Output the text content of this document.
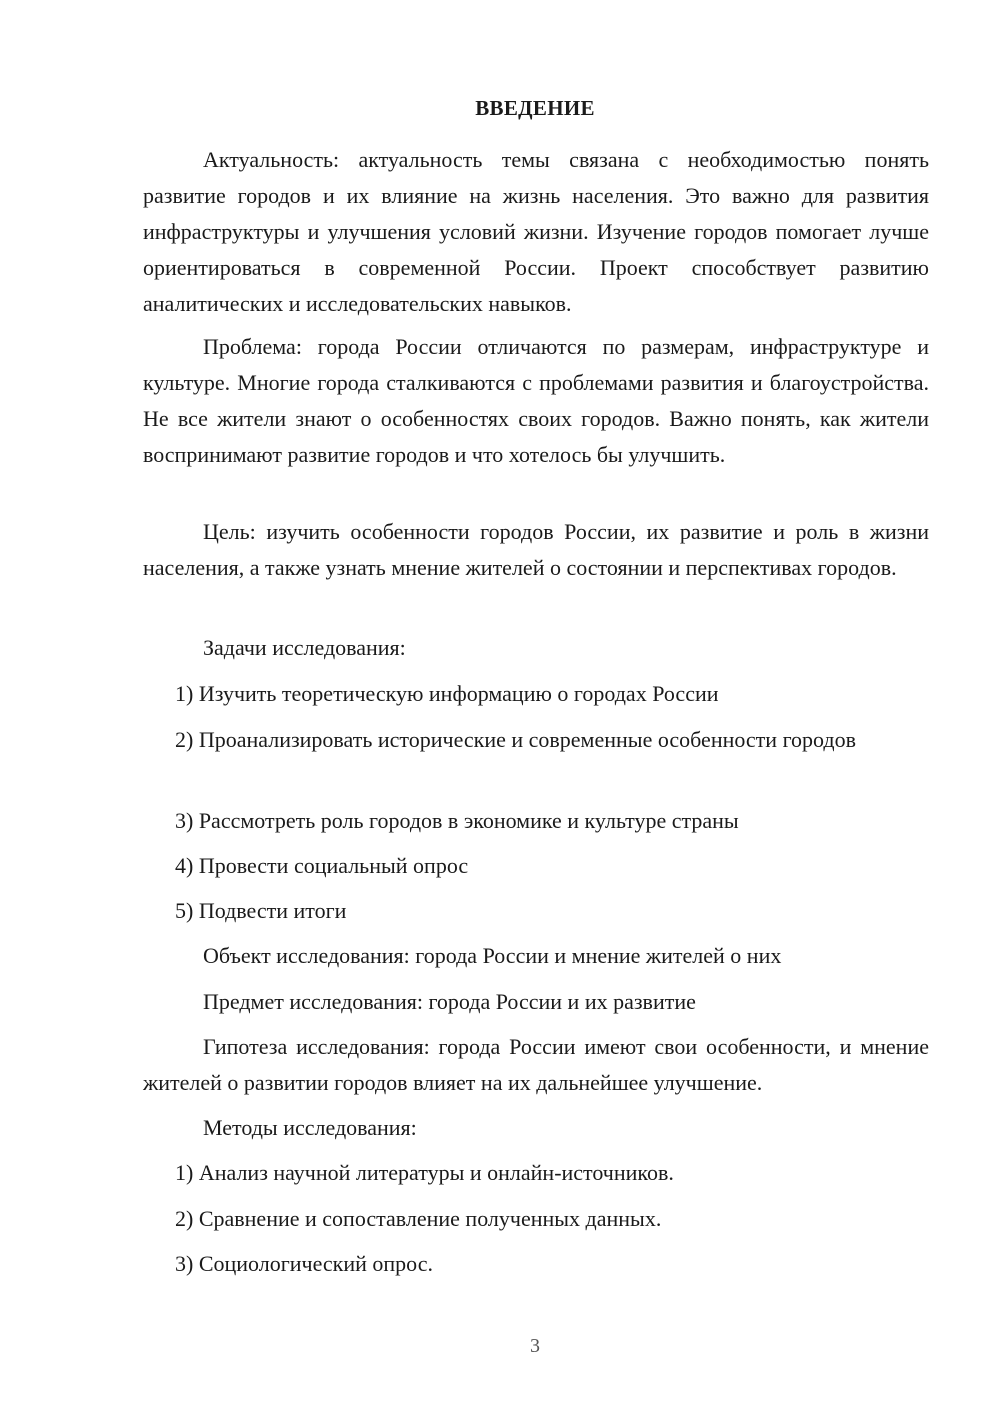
ВВЕДЕНИЕ

Актуальность: актуальность темы связана с необходимостью понять развитие городов и их влияние на жизнь населения. Это важно для развития инфраструктуры и улучшения условий жизни. Изучение городов помогает лучше ориентироваться в современной России. Проект способствует развитию аналитических и исследовательских навыков.

Проблема: города России отличаются по размерам, инфраструктуре и культуре. Многие города сталкиваются с проблемами развития и благоустройства. Не все жители знают о особенностях своих городов. Важно понять, как жители воспринимают развитие городов и что хотелось бы улучшить.

Цель: изучить особенности городов России, их развитие и роль в жизни населения, а также узнать мнение жителей о состоянии и перспективах городов.

Задачи исследования:

1) Изучить теоретическую информацию о городах России

2) Проанализировать исторические и современные особенности городов

3) Рассмотреть роль городов в экономике и культуре страны

4) Провести социальный опрос

5) Подвести итоги

Объект исследования: города России и мнение жителей о них

Предмет исследования: города России и их развитие

Гипотеза исследования: города России имеют свои особенности, и мнение жителей о развитии городов влияет на их дальнейшее улучшение.

Методы исследования:

1) Анализ научной литературы и онлайн-источников.

2) Сравнение и сопоставление полученных данных.

3) Социологический опрос.

3
